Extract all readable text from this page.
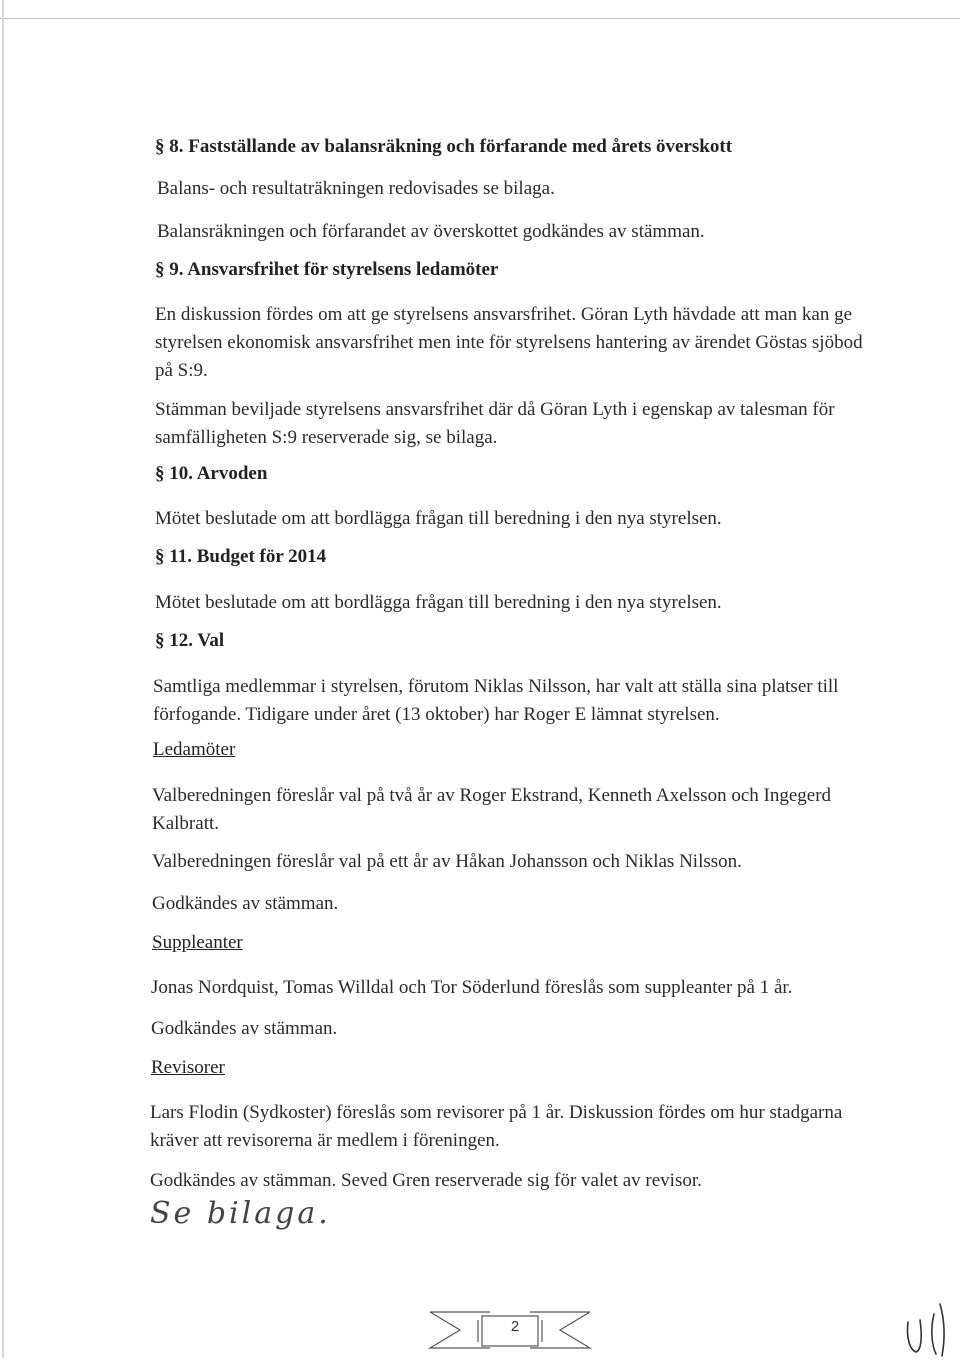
§ 8. Fastställande av balansräkning och förfarande med årets överskott
Balans- och resultaträkningen redovisades se bilaga.
Balansräkningen och förfarandet av överskottet godkändes av stämman.
§ 9. Ansvarsfrihet för styrelsens ledamöter
En diskussion fördes om att ge styrelsens ansvarsfrihet. Göran Lyth hävdade att man kan ge
styrelsen ekonomisk ansvarsfrihet men inte för styrelsens hantering av ärendet Göstas sjöbod
på S:9.
Stämman beviljade styrelsens ansvarsfrihet där då Göran Lyth i egenskap av talesman för
samfälligheten S:9 reserverade sig, se bilaga.
§ 10. Arvoden
Mötet beslutade om att bordlägga frågan till beredning i den nya styrelsen.
§ 11. Budget för 2014
Mötet beslutade om att bordlägga frågan till beredning i den nya styrelsen.
§ 12. Val
Samtliga medlemmar i styrelsen, förutom Niklas Nilsson, har valt att ställa sina platser till
förfogande. Tidigare under året (13 oktober) har Roger E lämnat styrelsen.
Ledamöter
Valberedningen föreslår val på två år av Roger Ekstrand, Kenneth Axelsson och Ingegerd
Kalbratt.
Valberedningen föreslår val på ett år av Håkan Johansson och Niklas Nilsson.
Godkändes av stämman.
Suppleanter
Jonas Nordquist, Tomas Willdal och Tor Söderlund föreslås som suppleanter på 1 år.
Godkändes av stämman.
Revisorer
Lars Flodin (Sydkoster) föreslås som revisorer på 1 år. Diskussion fördes om hur stadgarna
kräver att revisorerna är medlem i föreningen.
Godkändes av stämman. Seved Gren reserverade sig för valet av revisor.
Se bilaga.
2
